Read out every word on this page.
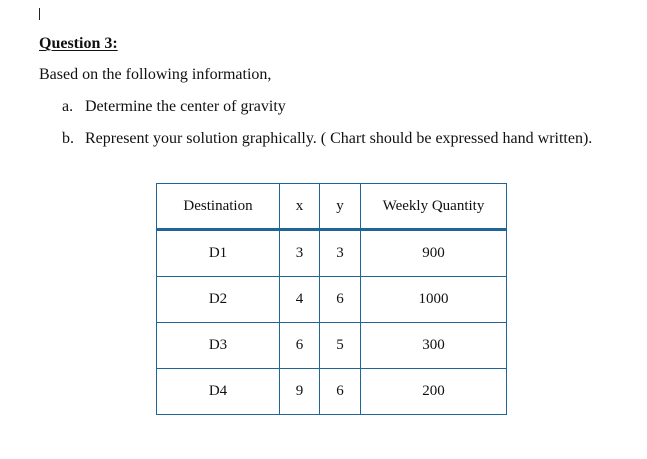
Question 3:

Based on the following information,

a. Determine the center of gravity
b. Represent your solution graphically. ( Chart should be expressed hand written).
Destination	x	y	Weekly Quantity
D1	3	3	900
D2	4	6	1000
D3	6	5	300
D4	9	6	200
